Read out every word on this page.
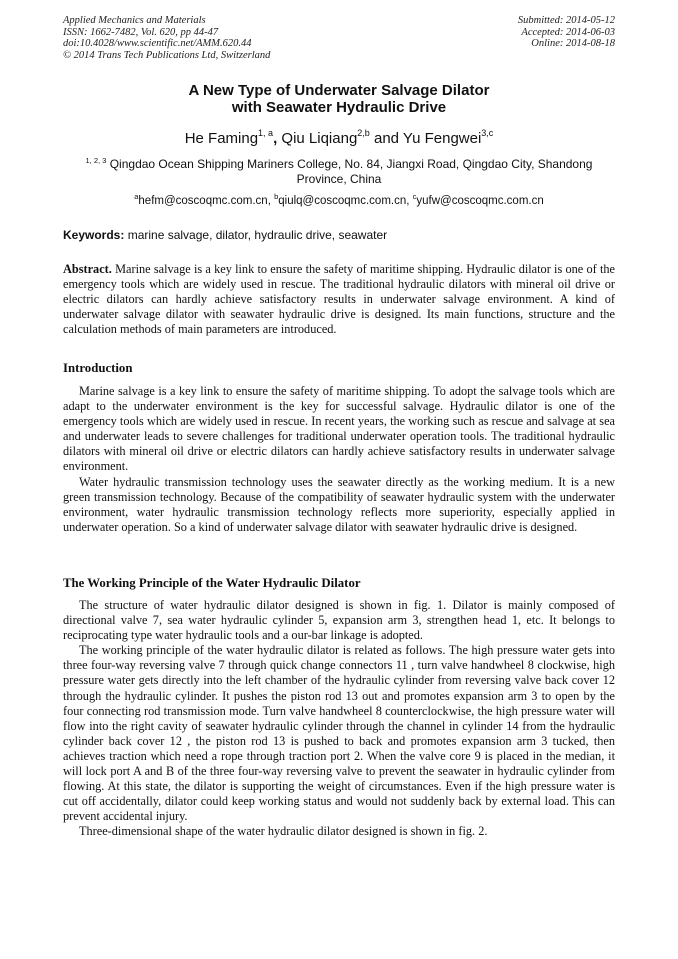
Applied Mechanics and Materials
ISSN: 1662-7482, Vol. 620, pp 44-47
doi:10.4028/www.scientific.net/AMM.620.44
© 2014 Trans Tech Publications Ltd, Switzerland
Submitted: 2014-05-12
Accepted: 2014-06-03
Online: 2014-08-18
A New Type of Underwater Salvage Dilator
with Seawater Hydraulic Drive
He Faming$^{1, a}$, Qiu Liqiang$^{2,b}$ and Yu Fengwei$^{3,c}$
$^{1, 2, 3}$ Qingdao Ocean Shipping Mariners College, No. 84, Jiangxi Road, Qingdao City, Shandong Province, China
$^a$hefm@coscoqmc.com.cn, $^b$qiulq@coscoqmc.com.cn, $^c$yufw@coscoqmc.com.cn
Keywords: marine salvage, dilator, hydraulic drive, seawater

Abstract. Marine salvage is a key link to ensure the safety of maritime shipping. Hydraulic dilator is one of the emergency tools which are widely used in rescue. The traditional hydraulic dilators with mineral oil drive or electric dilators can hardly achieve satisfactory results in underwater salvage environment. A kind of underwater salvage dilator with seawater hydraulic drive is designed. Its main functions, structure and the calculation methods of main parameters are introduced.

Introduction

Marine salvage is a key link to ensure the safety of maritime shipping. To adopt the salvage tools which are adapt to the underwater environment is the key for successful salvage. Hydraulic dilator is one of the emergency tools which are widely used in rescue. In recent years, the working such as rescue and salvage at sea and underwater leads to severe challenges for traditional underwater operation tools. The traditional hydraulic dilators with mineral oil drive or electric dilators can hardly achieve satisfactory results in underwater salvage environment.

Water hydraulic transmission technology uses the seawater directly as the working medium. It is a new green transmission technology. Because of the compatibility of seawater hydraulic system with the underwater environment, water hydraulic transmission technology reflects more superiority, especially applied in underwater operation. So a kind of underwater salvage dilator with seawater hydraulic drive is designed.

The Working Principle of the Water Hydraulic Dilator

The structure of water hydraulic dilator designed is shown in fig. 1. Dilator is mainly composed of directional valve 7, sea water hydraulic cylinder 5, expansion arm 3, strengthen head 1, etc. It belongs to reciprocating type water hydraulic tools and a our-bar linkage is adopted.

The working principle of the water hydraulic dilator is related as follows. The high pressure water gets into three four-way reversing valve 7 through quick change connectors 11 , turn valve handwheel 8 clockwise, high pressure water gets directly into the left chamber of the hydraulic cylinder from reversing valve back cover 12 through the hydraulic cylinder. It pushes the piston rod 13 out and promotes expansion arm 3 to open by the four connecting rod transmission mode. Turn valve handwheel 8 counterclockwise, the high pressure water will flow into the right cavity of seawater hydraulic cylinder through the channel in cylinder 14 from the hydraulic cylinder back cover 12 , the piston rod 13 is pushed to back and promotes expansion arm 3 tucked, then achieves traction which need a rope through traction port 2. When the valve core 9 is placed in the median, it will lock port A and B of the three four-way reversing valve to prevent the seawater in hydraulic cylinder from flowing. At this state, the dilator is supporting the weight of circumstances. Even if the high pressure water is cut off accidentally, dilator could keep working status and would not suddenly back by external load. This can prevent accidental injury.

Three-dimensional shape of the water hydraulic dilator designed is shown in fig. 2.
